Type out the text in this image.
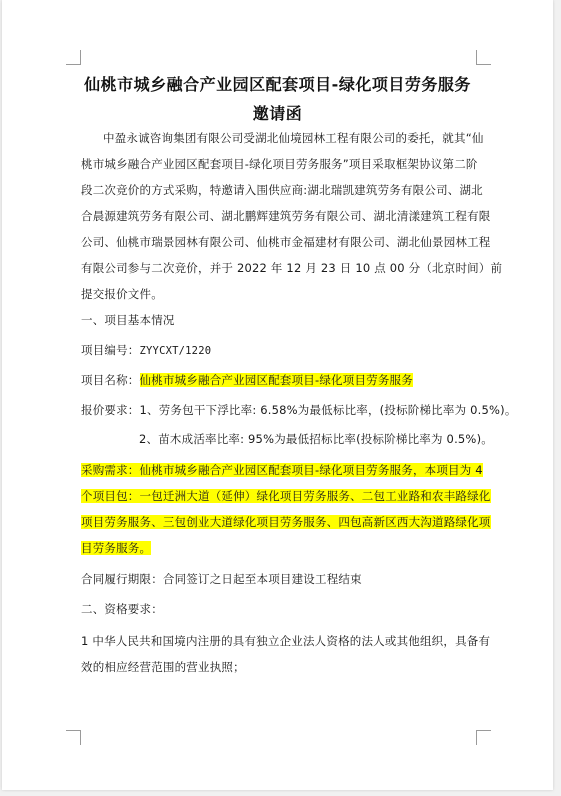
仙桃市城乡融合产业园区配套项目-绿化项目劳务服务
邀请函
中盈永诚咨询集团有限公司受湖北仙境园林工程有限公司的委托，就其“仙
桃市城乡融合产业园区配套项目-绿化项目劳务服务”项目采取框架协议第二阶
段二次竞价的方式采购，特邀请入围供应商:湖北瑞凯建筑劳务有限公司、湖北
合晨源建筑劳务有限公司、湖北鹏辉建筑劳务有限公司、湖北清漾建筑工程有限
公司、仙桃市瑞景园林有限公司、仙桃市金福建材有限公司、湖北仙景园林工程
有限公司参与二次竞价，并于 2022 年 12 月 23 日 10 点 00 分（北京时间）前
提交报价文件。
一、项目基本情况
项目编号：ZYYCXT/1220
项目名称：仙桃市城乡融合产业园区配套项目-绿化项目劳务服务
报价要求：1、劳务包干下浮比率: 6.58%为最低标比率，(投标阶梯比率为 0.5%)。
2、苗木成活率比率: 95%为最低招标比率(投标阶梯比率为 0.5%)。
采购需求：仙桃市城乡融合产业园区配套项目-绿化项目劳务服务，本项目为 4
个项目包：一包迁洲大道（延伸）绿化项目劳务服务、二包工业路和农丰路绿化
项目劳务服务、三包创业大道绿化项目劳务服务、四包高新区西大沟道路绿化项
目劳务服务。
合同履行期限：合同签订之日起至本项目建设工程结束
二、资格要求：
1 中华人民共和国境内注册的具有独立企业法人资格的法人或其他组织，具备有
效的相应经营范围的营业执照；
